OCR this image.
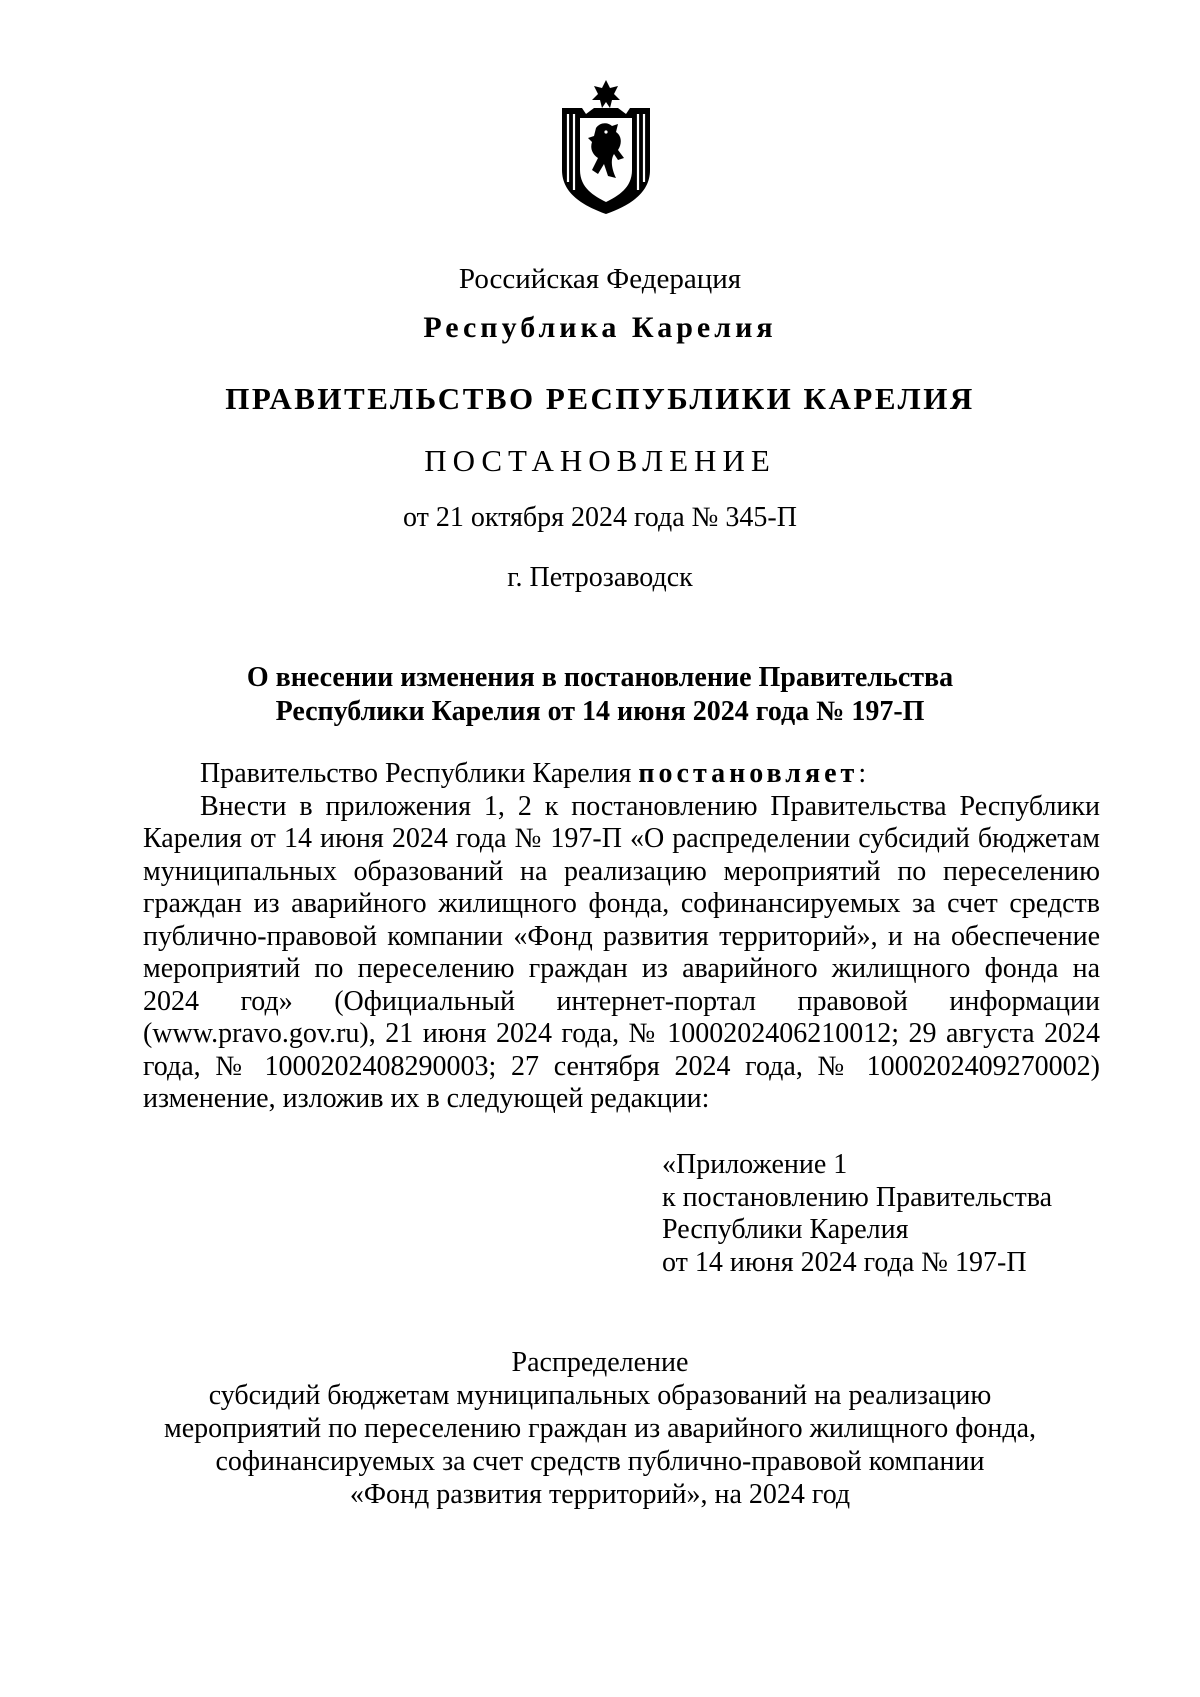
Российская Федерация
Республика Карелия
ПРАВИТЕЛЬСТВО РЕСПУБЛИКИ КАРЕЛИЯ
ПОСТАНОВЛЕНИЕ
от 21 октября 2024 года № 345-П
г. Петрозаводск
О внесении изменения в постановление Правительства
Республики Карелия от 14 июня 2024 года № 197-П

Правительство Республики Карелия постановляет:

Внести в приложения 1, 2 к постановлению Правительства Республики Карелия от 14 июня 2024 года № 197-П «О распределении субсидий бюджетам муниципальных образований на реализацию мероприятий по переселению граждан из аварийного жилищного фонда, софинансируемых за счет средств публично-правовой компании «Фонд развития территорий», и на обеспечение мероприятий по переселению граждан из аварийного жилищного фонда на 2024 год» (Официальный интернет-портал правовой информации (www.pravo.gov.ru), 21 июня 2024 года, № 1000202406210012; 29 августа 2024 года, № 1000202408290003; 27 сентября 2024 года, № 1000202409270002) изменение, изложив их в следующей редакции:

«Приложение 1
к постановлению Правительства
Республики Карелия
от 14 июня 2024 года № 197-П
Распределение
субсидий бюджетам муниципальных образований на реализацию
мероприятий по переселению граждан из аварийного жилищного фонда,
софинансируемых за счет средств публично-правовой компании
«Фонд развития территорий», на 2024 год
